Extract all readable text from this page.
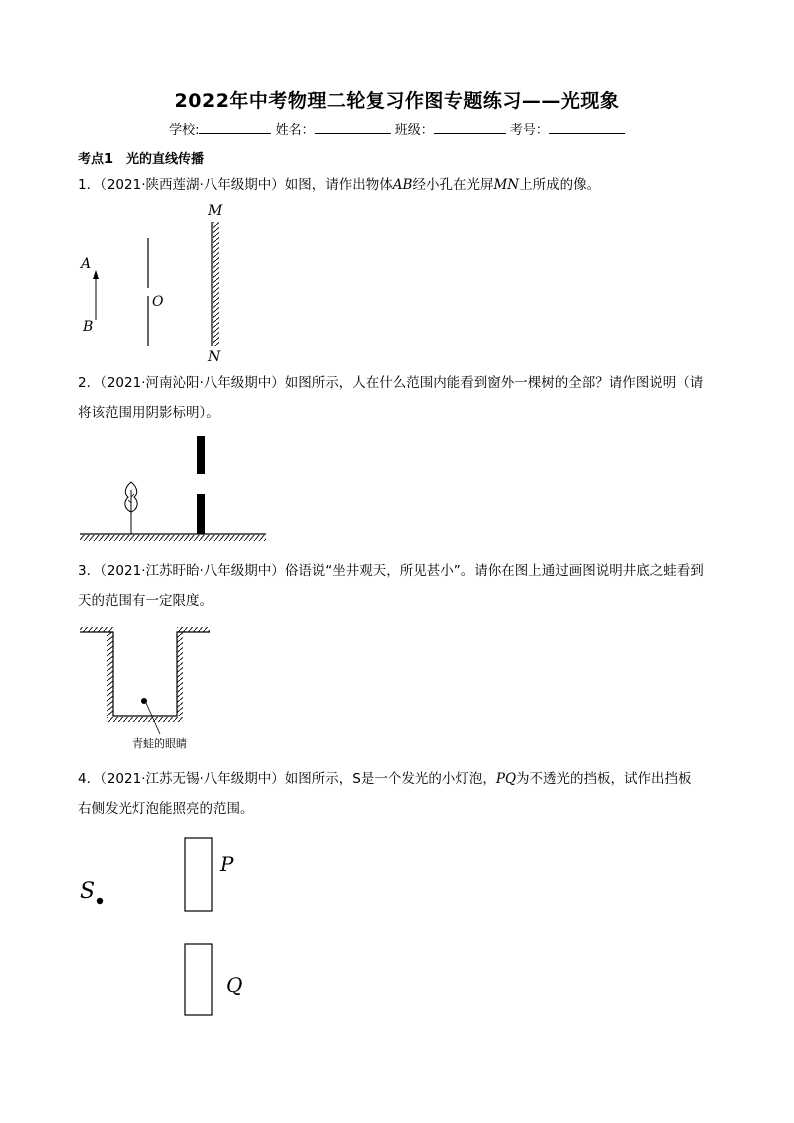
2022年中考物理二轮复习作图专题练习——光现象
学校:	姓名：	班级：	考号：
考点1　光的直线传播
1．（2021·陕西莲湖·八年级期中）如图，请作出物体AB经小孔在光屏MN上所成的像。
A
B
O
M
N
S
P
Q
2．（2021·河南沁阳·八年级期中）如图所示，人在什么范围内能看到窗外一棵树的全部？请作图说明（请
将该范围用阴影标明）。
3．（2021·江苏盱眙·八年级期中）俗语说“坐井观天，所见甚小”。请你在图上通过画图说明井底之蛙看到
天的范围有一定限度。
青蛙的眼睛
4．（2021·江苏无锡·八年级期中）如图所示，S是一个发光的小灯泡，PQ为不透光的挡板，试作出挡板
右侧发光灯泡能照亮的范围。
